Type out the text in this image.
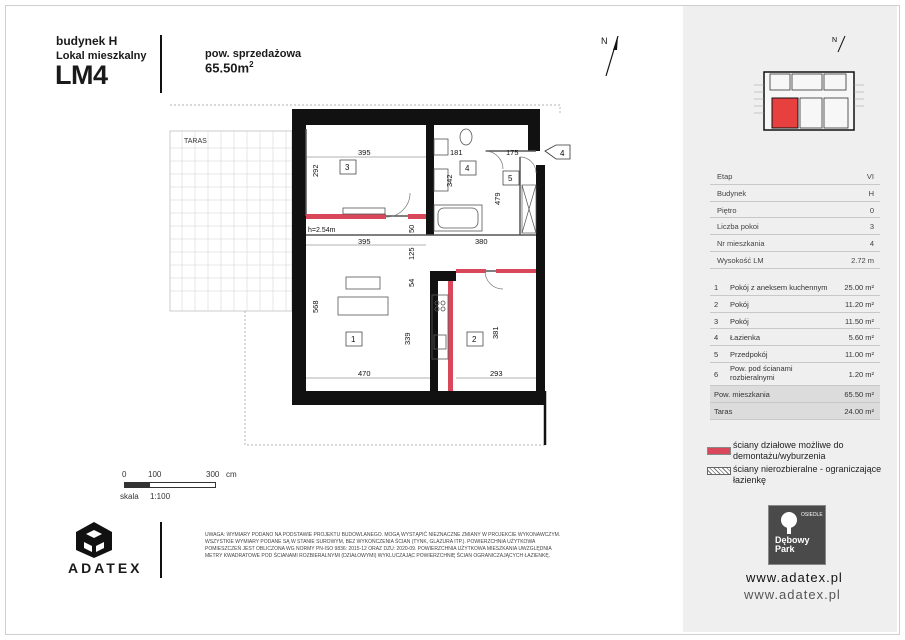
budynek H
Lokal mieszkalny
LM4
pow. sprzedażowa
$65.50m^2$
N
TARAS
4
3	4
5
1	2
395	181	175
292
342
479
50
395	380
125
54
568
339	381
470	293
h=2.54m
0	100	300 cm
skala 1:100
N
Etap	VI
Budynek	H
Piętro	0
Liczba pokoi	3
Nr mieszkania	4
Wysokość LM	2.72 m
1 Pokój z aneksem kuchennym 25.00 m²
2 Pokój	11.20 m²
3 Pokój	11.50 m²
4 Łazienka	5.60 m²
5 Przedpokój	11.00 m²
6
Pow. pod ścianami rozbieralnymi	1.20 m²
Pow. mieszkania	65.50 m²
Taras	24.00 m²
ściany działowe możliwe do demontażu/wyburzenia
ściany nierozbieralne - ograniczające łazienkę
ADATEX
UWAGA: WYMIARY PODANO NA PODSTAWIE PROJEKTU BUDOWLANEGO. MOGĄ WYSTĄPIĆ NIEZNACZNE ZMIANY W PROJEKCIE WYKONAWCZYM. WSZYSTKIE WYMIARY PODANE SĄ W STANIE SUROWYM, BEZ WYKOŃCZENIA ŚCIAN (TYNK, GLAZURA ITP.). POWIERZCHNIA UŻYTKOWA POMIESZCZEŃ JEST OBLICZONA WG NORMY PN-ISO 9836: 2015-12 ORAZ DZU: 2020-09. POWIERZCHNIA UŻYTKOWA MIESZKANIA UWZGLĘDNIA METRY KWADRATOWE POD ŚCIANAMI ROZBIERALNYMI (DZIAŁOWYMI) WYKLUCZAJĄC POWIERZCHNIĘ ŚCIAN OGRANICZAJĄCYCH ŁAZIENKĘ.
OSIEDLE
Dębowy Park
www.adatex.pl
www.adatex.pl
